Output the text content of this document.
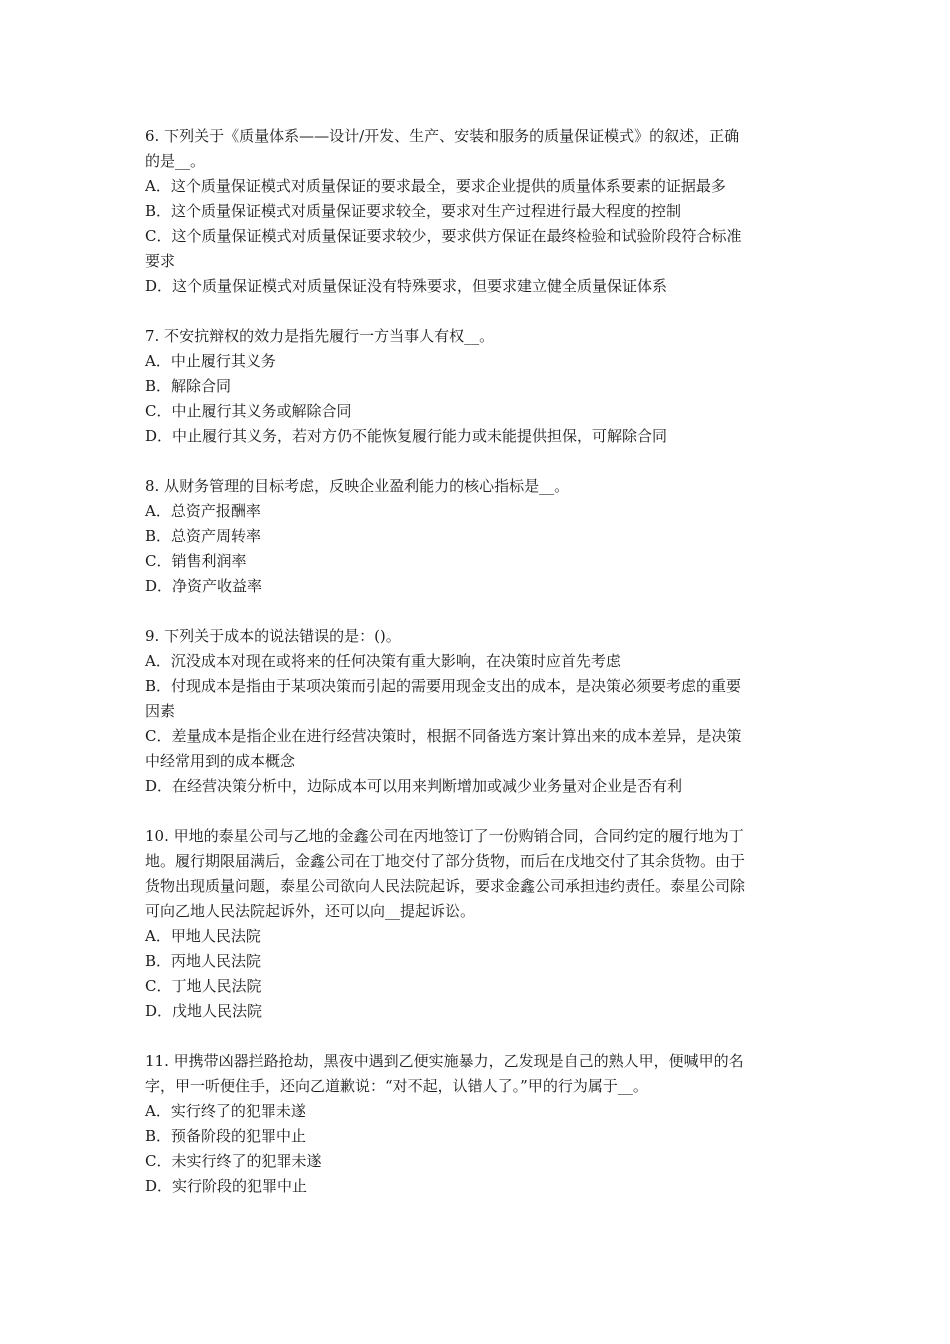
6. 下列关于《质量体系——设计/开发、生产、安装和服务的质量保证模式》的叙述，正确
的是__。
A．这个质量保证模式对质量保证的要求最全，要求企业提供的质量体系要素的证据最多
B．这个质量保证模式对质量保证要求较全，要求对生产过程进行最大程度的控制
C．这个质量保证模式对质量保证要求较少，要求供方保证在最终检验和试验阶段符合标准
要求
D．这个质量保证模式对质量保证没有特殊要求，但要求建立健全质量保证体系
7. 不安抗辩权的效力是指先履行一方当事人有权__。
A．中止履行其义务
B．解除合同
C．中止履行其义务或解除合同
D．中止履行其义务，若对方仍不能恢复履行能力或未能提供担保，可解除合同
8. 从财务管理的目标考虑，反映企业盈利能力的核心指标是__。
A．总资产报酬率
B．总资产周转率
C．销售利润率
D．净资产收益率
9. 下列关于成本的说法错误的是：()。
A．沉没成本对现在或将来的任何决策有重大影响，在决策时应首先考虑
B．付现成本是指由于某项决策而引起的需要用现金支出的成本，是决策必须要考虑的重要
因素
C．差量成本是指企业在进行经营决策时，根据不同备选方案计算出来的成本差异，是决策
中经常用到的成本概念
D．在经营决策分析中，边际成本可以用来判断增加或减少业务量对企业是否有利
10. 甲地的泰星公司与乙地的金鑫公司在丙地签订了一份购销合同，合同约定的履行地为丁
地。履行期限届满后，金鑫公司在丁地交付了部分货物，而后在戊地交付了其余货物。由于
货物出现质量问题，泰星公司欲向人民法院起诉，要求金鑫公司承担违约责任。泰星公司除
可向乙地人民法院起诉外，还可以向__提起诉讼。
A．甲地人民法院
B．丙地人民法院
C．丁地人民法院
D．戊地人民法院
11. 甲携带凶器拦路抢劫，黑夜中遇到乙便实施暴力，乙发现是自己的熟人甲，便喊甲的名
字，甲一听便住手，还向乙道歉说：“对不起，认错人了。”甲的行为属于__。
A．实行终了的犯罪未遂
B．预备阶段的犯罪中止
C．未实行终了的犯罪未遂
D．实行阶段的犯罪中止
